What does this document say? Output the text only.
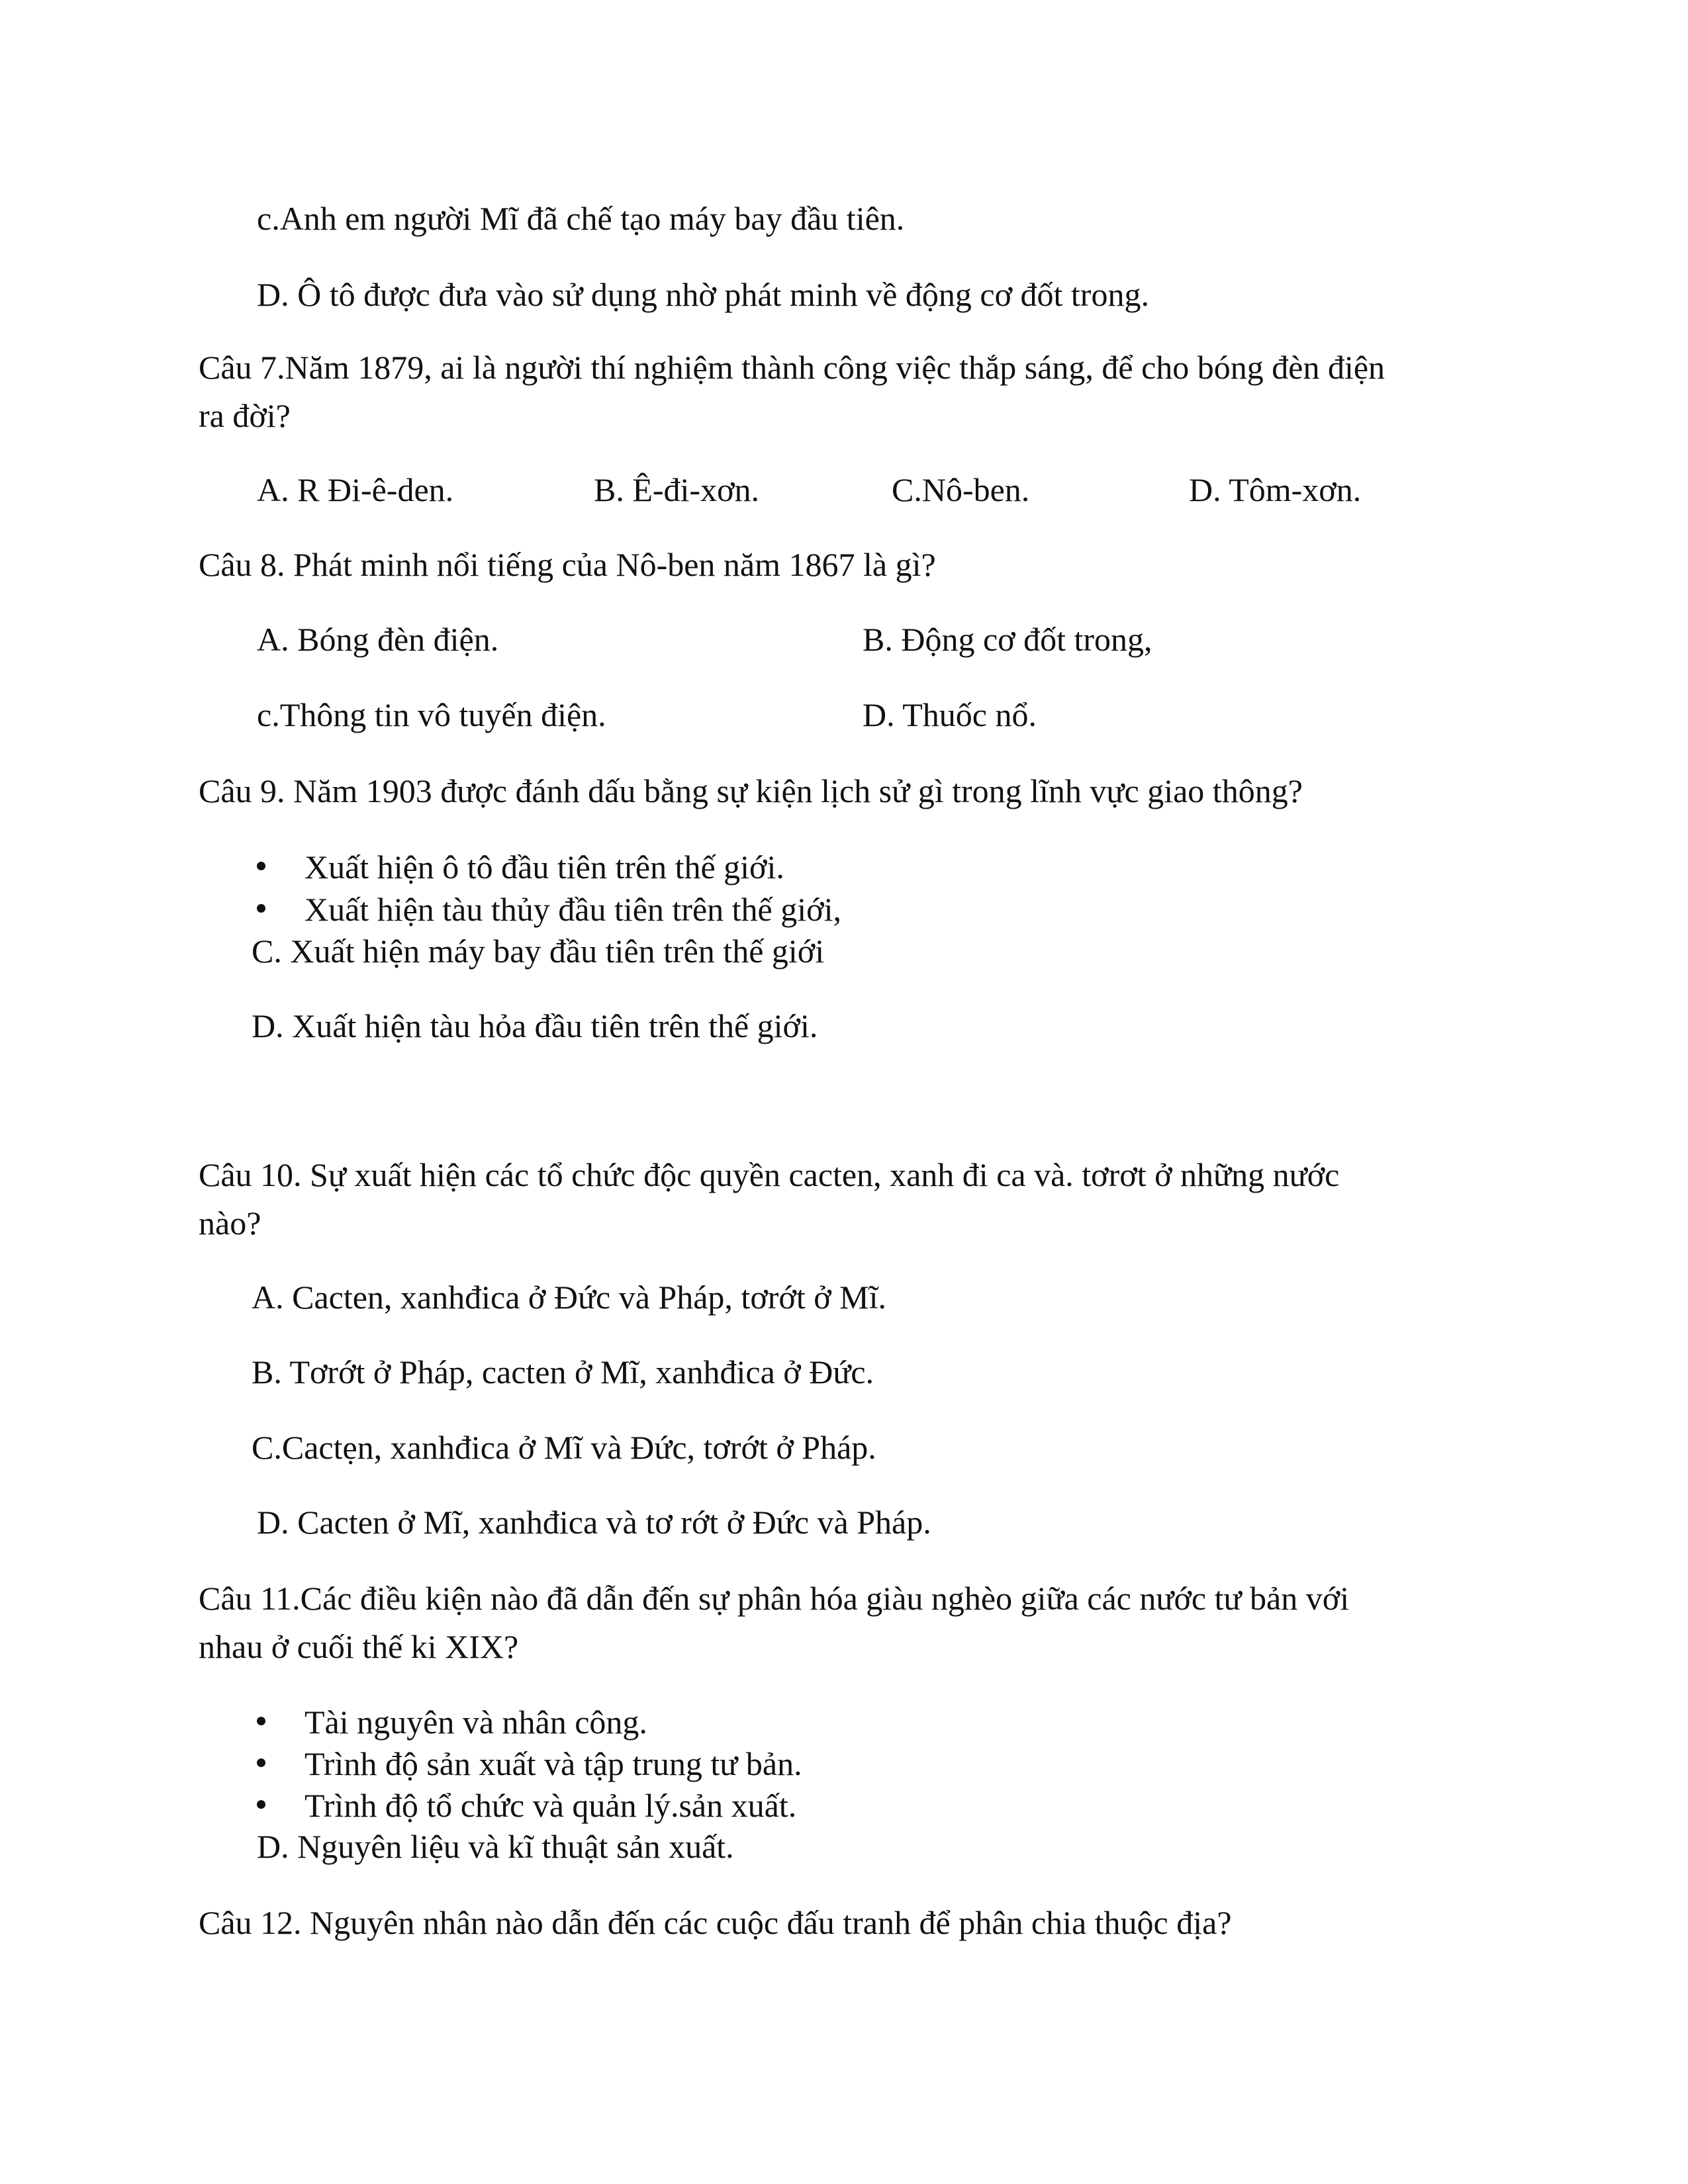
c.Anh em người Mĩ đã chế tạo máy bay đầu tiên.
D. Ô tô được đưa vào sử dụng nhờ phát minh về động cơ đốt trong.
Câu 7.Năm 1879, ai là người thí nghiệm thành công việc thắp sáng, để cho bóng đèn điện
ra đời?
A. R Đi-ê-den.	B. Ê-đi-xơn.	C.Nô-ben.	D. Tôm-xơn.
Câu 8. Phát minh nổi tiếng của Nô-ben năm 1867 là gì?
A. Bóng đèn điện.	B. Động cơ đốt trong,
c.Thông tin vô tuyến điện.	D. Thuốc nổ.
Câu 9. Năm 1903 được đánh dấu bằng sự kiện lịch sử gì trong lĩnh vực giao thông?
Xuất hiện ô tô đầu tiên trên thế giới.
Xuất hiện tàu thủy đầu tiên trên thế giới,
C. Xuất hiện máy bay đầu tiên trên thế giới
D. Xuất hiện tàu hỏa đầu tiên trên thế giới.
Câu 10. Sự xuất hiện các tổ chức độc quyền cacten, xanh đi ca và. tơrơt ở những nước
nào?
A. Cacten, xanhđica ở Đức và Pháp, tơrớt ở Mĩ.
B. Tơrớt ở Pháp, cacten ở Mĩ, xanhđica ở Đức.
C.Cactẹn, xanhđica ở Mĩ và Đức, tơrớt ở Pháp.
D. Cacten ở Mĩ, xanhđica và tơ rớt ở Đức và Pháp.
Câu 11.Các điều kiện nào đã dẫn đến sự phân hóa giàu nghèo giữa các nước tư bản với
nhau ở cuối thế ki XIX?
Tài nguyên và nhân công.
Trình độ sản xuất và tập trung tư bản.
Trình độ tổ chức và quản lý.sản xuất.
D. Nguyên liệu và kĩ thuật sản xuất.
Câu 12. Nguyên nhân nào dẫn đến các cuộc đấu tranh để phân chia thuộc địa?
